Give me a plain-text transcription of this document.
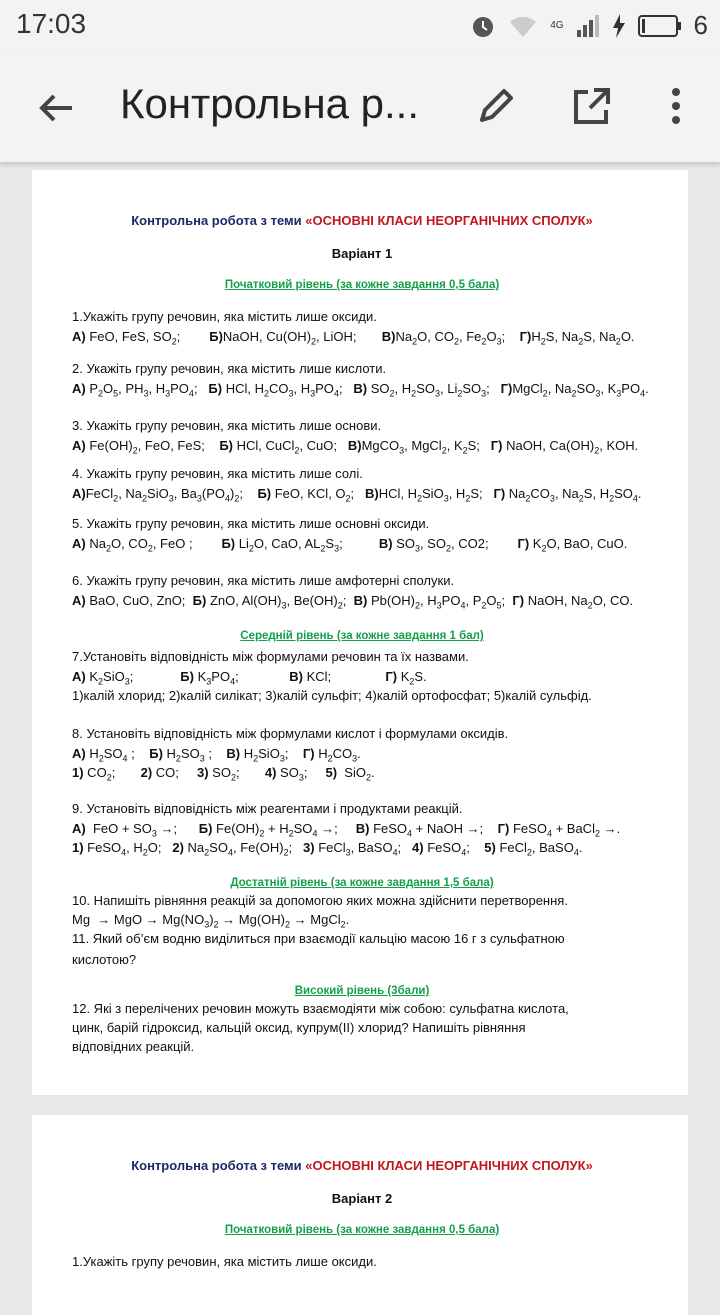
17:03	4G	6
Контрольна р...
Контрольна робота з теми «ОСНОВНІ КЛАСИ НЕОРГАНІЧНИХ СПОЛУК»
Варіант 1
Початковий рівень (за кожне завдання 0,5 бала)
1.Укажіть групу речовин, яка містить лише оксиди.
А) FeO, FeS, $SO_2$;        Б)NaOH, $Cu(OH)_2$, LiOH;       $В)Na_2O$, $CO_2$, $Fe_2O_3$;    $Г)H_2S$, $Na_2S$, $Na_2O$.
2. Укажіть групу речовин, яка містить лише кислоти.
А) $P_2O_5$, $PH_3$, $H_3PO_4$;   Б) HCl, $H_2CO_3$, $H_3PO_4$;   В) $SO_2$, $H_2SO_3$, $Li_2SO_3$;   Г)MgCl$_2$, $Na_2SO_3$, $K_3PO_4$.
3. Укажіть групу речовин, яка містить лише основи.
А) $Fe(OH)_2$, FeO, FeS;    Б) HCl, CuCl$_2$, CuO;   В)MgCO$_3$, MgCl$_2$, $K_2S$;   Г) NaOH, $Ca(OH)_2$, KOH.
4. Укажіть групу речовин, яка містить лише солі.
А)FeCl$_2$, $Na_2SiO_3$, $Ba_3(PO_4)_2$;    Б) FeO, KCl, $O_2$;   В)HCl, $H_2SiO_3$, $H_2S$;   Г) $Na_2CO_3$, $Na_2S$, $H_2SO_4$.
5. Укажіть групу речовин, яка містить лише основні оксиди.
А) $Na_2O$, $CO_2$, FeO ;        Б) $Li_2O$, CaO, $AL_2S_3$;          В) $SO_3$, $SO_2$, CO2;        Г) $K_2O$, BaO, CuO.
6. Укажіть групу речовин, яка містить лише амфотерні сполуки.
А) BaO, CuO, ZnO;  Б) ZnO, $Al(OH)_3$, $Be(OH)_2$;  В) $Pb(OH)_2$, $H_3PO_4$, $P_2O_5$;  Г) NaOH, $Na_2O$, CO.
Середній рівень (за кожне завдання 1 бал)
7.Установіть відповідність між формулами речовин та їх назвами.
А) $K_2SiO_3$;             Б) $K_3PO_4$;              В) KCl;               Г) $K_2S$.
1)калій хлорид; 2)калій силікат; 3)калій сульфіт; 4)калій ортофосфат; 5)калій сульфід.
8. Установіть відповідність між формулами кислот і формулами оксидів.
А) $H_2SO_4$ ;    Б) $H_2SO_3$ ;    В) $H_2SiO_3$;    Г) $H_2CO_3$.
1) $CO_2$;       2) CO;     3) $SO_2$;       4) $SO_3$;     5)  SiO$_2$.
9. Установіть відповідність між реагентами і продуктами реакцій.
А)  FeO + $SO_3$ →;      Б) $Fe(OH)_2 + H_2SO_4$ →;     В) FeSO$_4$ + NaOH →;    Г) FeSO$_4$ + BaCl$_2$ →.
1) FeSO$_4$, $H_2O$;   2) $Na_2SO_4$, $Fe(OH)_2$;   3) FeCl$_3$, BaSO$_4$;   4) FeSO$_4$;    5) FeCl$_2$, BaSO$_4$.
Достатній рівень (за кожне завдання 1,5 бала)
10. Напишіть рівняння реакцій за допомогою яких можна здійснити перетворення.
Mg  → MgO → $Mg(NO_3)_2 \to Mg(OH)_2$ → MgCl$_2$.
11. Який об’єм водню виділиться при взаємодії кальцію масою 16 г з сульфатною
кислотою?
Високий рівень (3бали)
12. Які з перелічених речовин можуть взаємодіяти між собою: сульфатна кислота,
цинк, барій гідроксид, кальцій оксид, купрум(ІІ) хлорид? Напишіть рівняння
відповідних реакцій.
Контрольна робота з теми «ОСНОВНІ КЛАСИ НЕОРГАНІЧНИХ СПОЛУК»
Варіант 2
Початковий рівень (за кожне завдання 0,5 бала)
1.Укажіть групу речовин, яка містить лише оксиди.
